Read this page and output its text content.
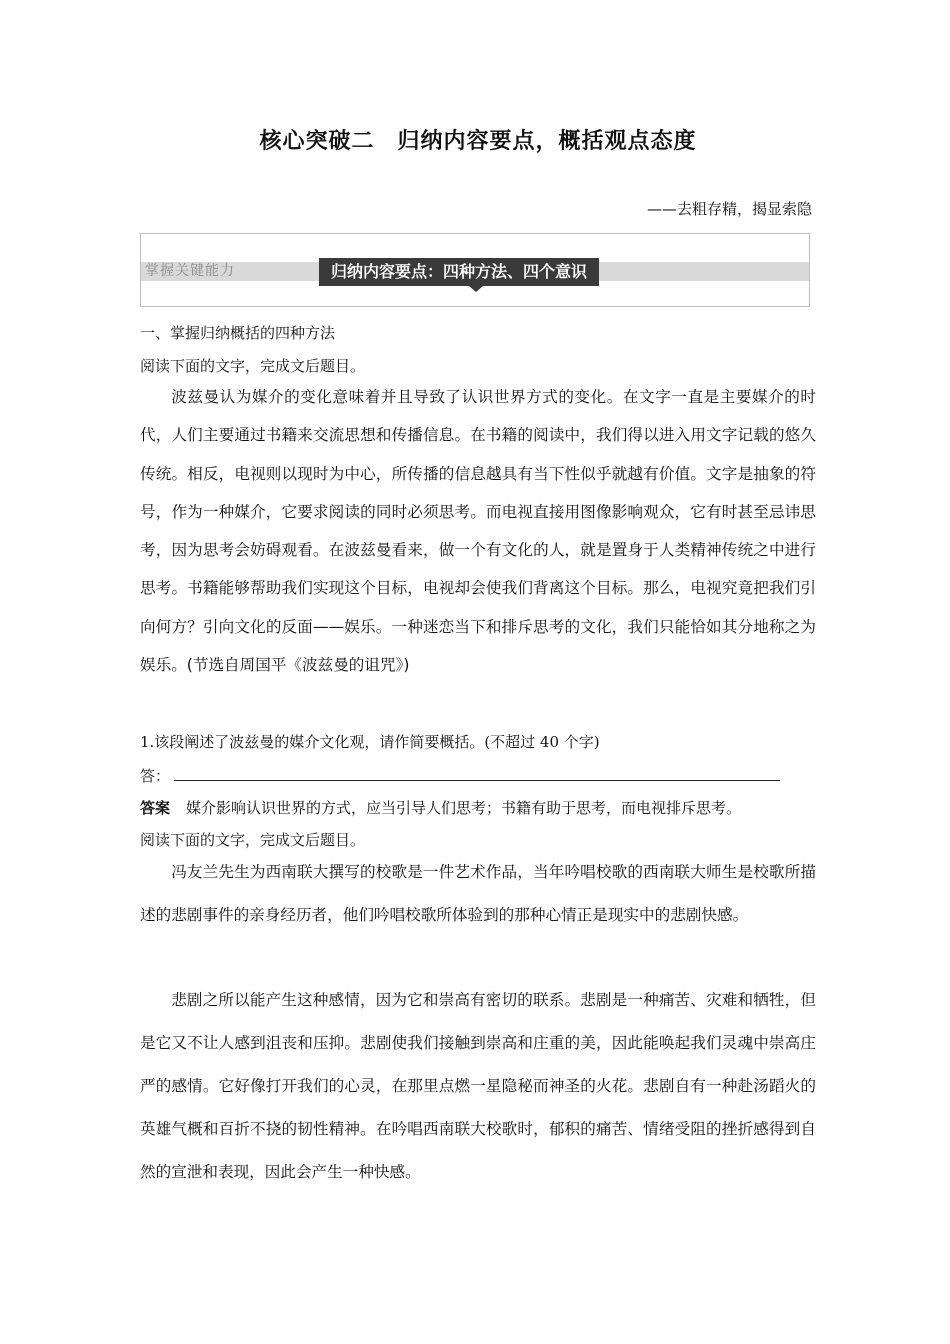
核心突破二　归纳内容要点，概括观点态度

——去粗存精，揭显索隐

掌握关键能力	归纳内容要点：四种方法、四个意识

一、掌握归纳概括的四种方法

阅读下面的文字，完成文后题目。

波兹曼认为媒介的变化意味着并且导致了认识世界方式的变化。在文字一直是主要媒介的时代，人们主要通过书籍来交流思想和传播信息。在书籍的阅读中，我们得以进入用文字记载的悠久传统。相反，电视则以现时为中心，所传播的信息越具有当下性似乎就越有价值。文字是抽象的符号，作为一种媒介，它要求阅读的同时必须思考。而电视直接用图像影响观众，它有时甚至忌讳思考，因为思考会妨碍观看。在波兹曼看来，做一个有文化的人，就是置身于人类精神传统之中进行思考。书籍能够帮助我们实现这个目标，电视却会使我们背离这个目标。那么，电视究竟把我们引向何方？引向文化的反面——娱乐。一种迷恋当下和排斥思考的文化，我们只能恰如其分地称之为娱乐。(节选自周国平《波兹曼的诅咒》)

1.该段阐述了波兹曼的媒介文化观，请作简要概括。(不超过 40 个字)

答：

答案 媒介影响认识世界的方式，应当引导人们思考；书籍有助于思考，而电视排斥思考。

阅读下面的文字，完成文后题目。

冯友兰先生为西南联大撰写的校歌是一件艺术作品，当年吟唱校歌的西南联大师生是校歌所描述的悲剧事件的亲身经历者，他们吟唱校歌所体验到的那种心情正是现实中的悲剧快感。

悲剧之所以能产生这种感情，因为它和崇高有密切的联系。悲剧是一种痛苦、灾难和牺牲，但是它又不让人感到沮丧和压抑。悲剧使我们接触到崇高和庄重的美，因此能唤起我们灵魂中崇高庄严的感情。它好像打开我们的心灵，在那里点燃一星隐秘而神圣的火花。悲剧自有一种赴汤蹈火的英雄气概和百折不挠的韧性精神。在吟唱西南联大校歌时，郁积的痛苦、情绪受阻的挫折感得到自然的宣泄和表现，因此会产生一种快感。
